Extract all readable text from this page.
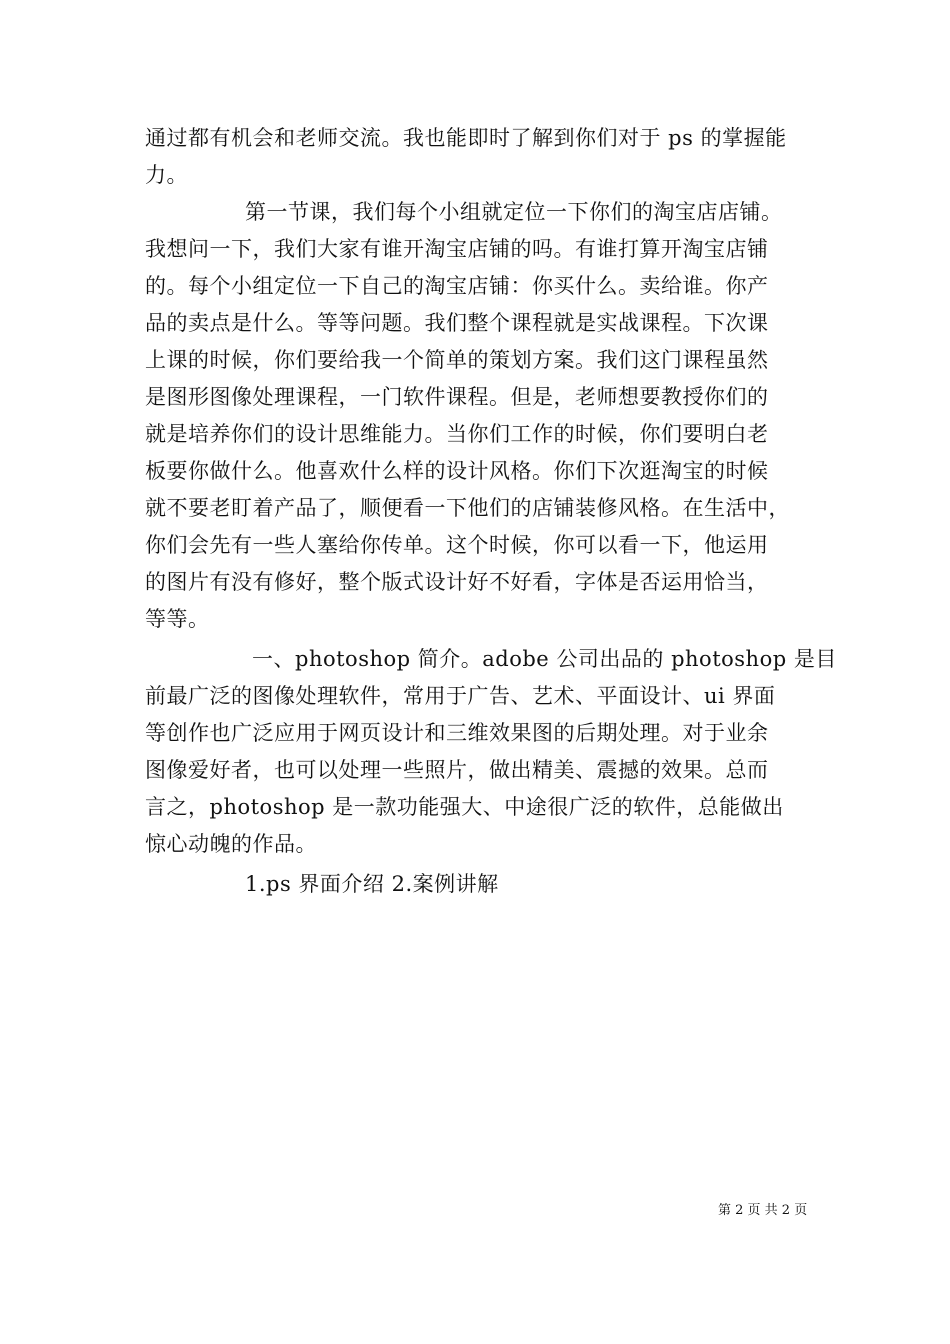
通过都有机会和老师交流。我也能即时了解到你们对于 ps 的掌握能
力。
第一节课，我们每个小组就定位一下你们的淘宝店店铺。
我想问一下，我们大家有谁开淘宝店铺的吗。有谁打算开淘宝店铺
的。每个小组定位一下自己的淘宝店铺：你买什么。卖给谁。你产
品的卖点是什么。等等问题。我们整个课程就是实战课程。下次课
上课的时候，你们要给我一个简单的策划方案。我们这门课程虽然
是图形图像处理课程，一门软件课程。但是，老师想要教授你们的
就是培养你们的设计思维能力。当你们工作的时候，你们要明白老
板要你做什么。他喜欢什么样的设计风格。你们下次逛淘宝的时候
就不要老盯着产品了，顺便看一下他们的店铺装修风格。在生活中，
你们会先有一些人塞给你传单。这个时候，你可以看一下，他运用
的图片有没有修好，整个版式设计好不好看，字体是否运用恰当，
等等。
一、photoshop 简介。adobe 公司出品的 photoshop 是目
前最广泛的图像处理软件，常用于广告、艺术、平面设计、ui 界面
等创作也广泛应用于网页设计和三维效果图的后期处理。对于业余
图像爱好者，也可以处理一些照片，做出精美、震撼的效果。总而
言之，photoshop 是一款功能强大、中途很广泛的软件，总能做出
惊心动魄的作品。
1.ps 界面介绍 2.案例讲解
第 2 页 共 2 页
